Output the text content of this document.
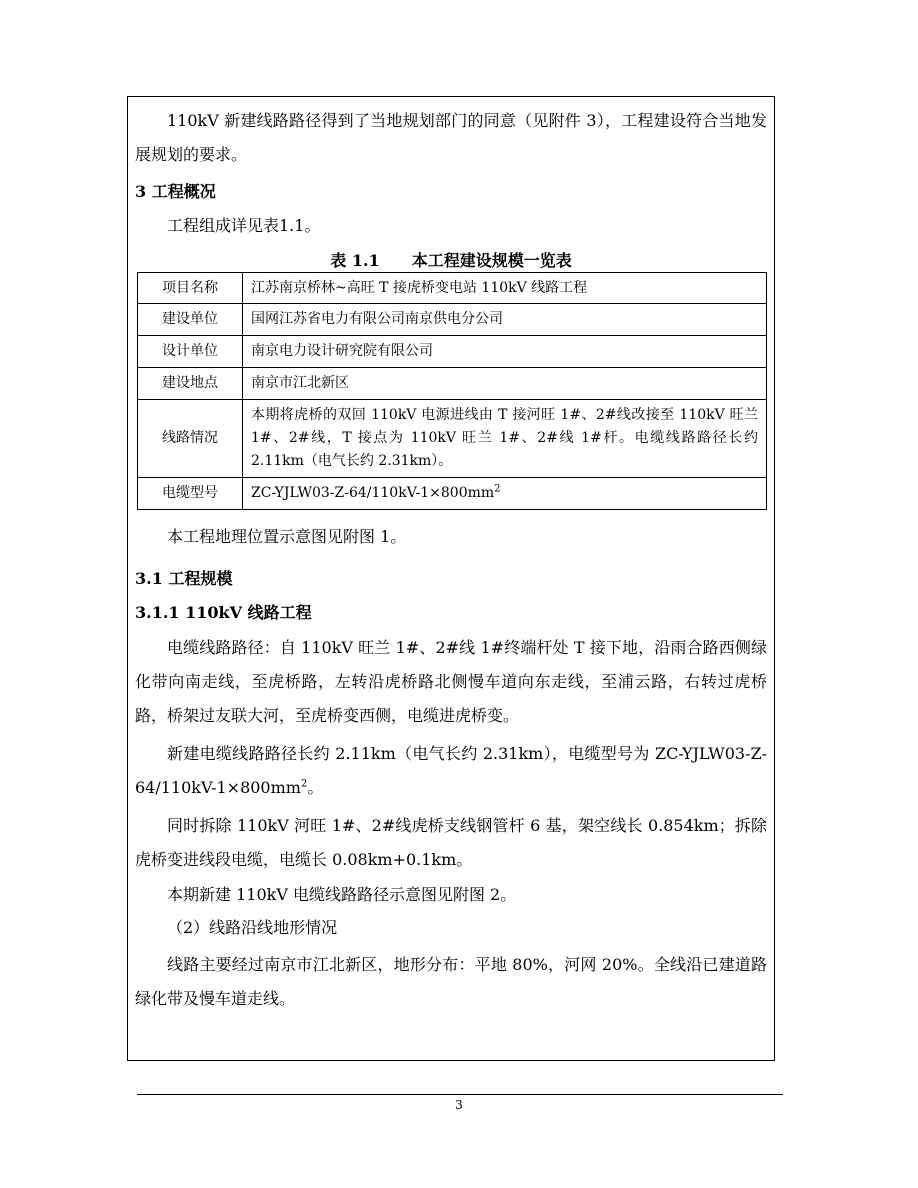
110kV 新建线路路径得到了当地规划部门的同意（见附件 3），工程建设符合当地发展规划的要求。
3 工程概况
工程组成详见表1.1。
表 1.1　　本工程建设规模一览表
项目名称	江苏南京桥林~高旺 T 接虎桥变电站 110kV 线路工程
建设单位	国网江苏省电力有限公司南京供电分公司
设计单位	南京电力设计研究院有限公司
建设地点	南京市江北新区
线路情况	本期将虎桥的双回 110kV 电源进线由 T 接河旺 1#、2#线改接至 110kV 旺兰 1#、2#线，T 接点为 110kV 旺兰 1#、2#线 1#杆。电缆线路路径长约 2.11km（电气长约 2.31km）。
电缆型号	$ZC-YJLW03-Z-64/110kV-1\times 800mm^2$
本工程地理位置示意图见附图 1。
3.1 工程规模
3.1.1 110kV 线路工程
电缆线路路径：自 110kV 旺兰 1#、2#线 1#终端杆处 T 接下地，沿雨合路西侧绿化带向南走线，至虎桥路，左转沿虎桥路北侧慢车道向东走线，至浦云路，右转过虎桥路，桥架过友联大河，至虎桥变西侧，电缆进虎桥变。
新建电缆线路路径长约 2.11km（电气长约 2.31km），电缆型号为 $ZC-YJLW03-Z-64/110kV-1\times 800mm^2$。
同时拆除 110kV 河旺 1#、2#线虎桥支线钢管杆 6 基，架空线长 0.854km；拆除虎桥变进线段电缆，电缆长 0.08km+0.1km。
本期新建 110kV 电缆线路路径示意图见附图 2。
（2）线路沿线地形情况
线路主要经过南京市江北新区，地形分布：平地 80%，河网 20%。全线沿已建道路绿化带及慢车道走线。
3
